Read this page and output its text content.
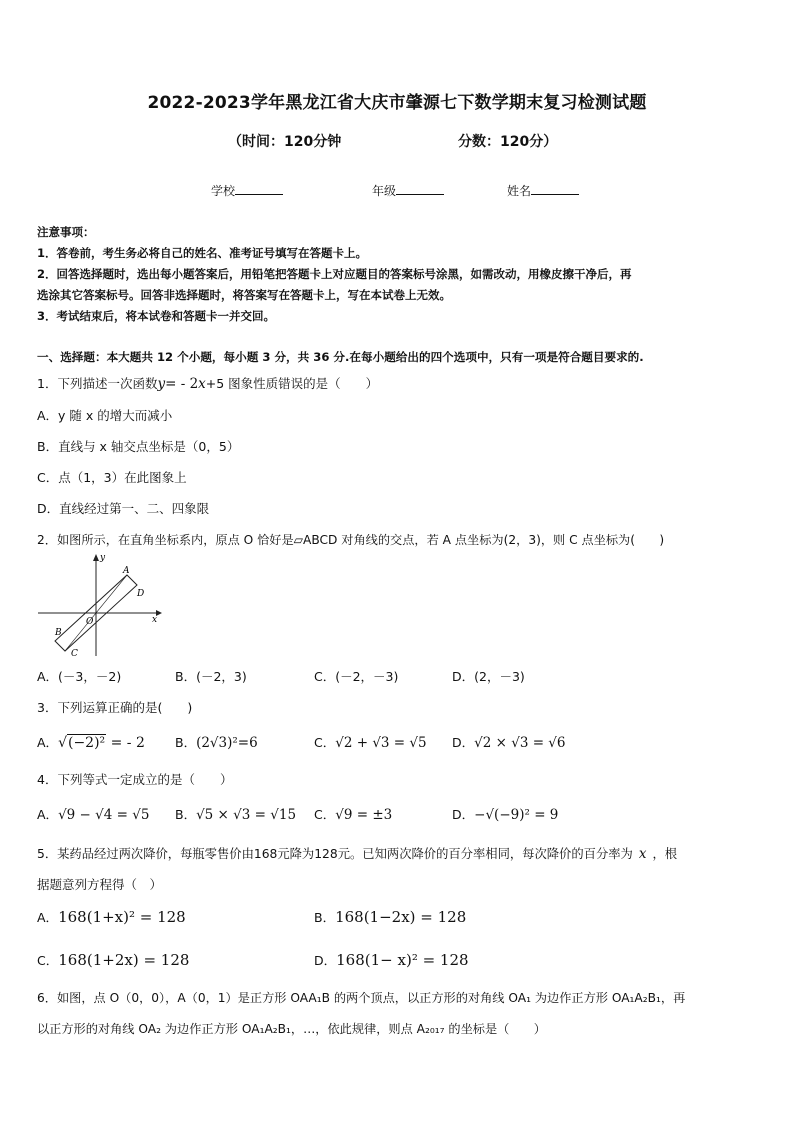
2022-2023学年黑龙江省大庆市肇源七下数学期末复习检测试题
（时间：120分钟	分数：120分）
学校	年级	姓名
注意事项：
1．答卷前，考生务必将自己的姓名、准考证号填写在答题卡上。
2．回答选择题时，选出每小题答案后，用铅笔把答题卡上对应题目的答案标号涂黑，如需改动，用橡皮擦干净后，再
选涂其它答案标号。回答非选择题时，将答案写在答题卡上，写在本试卷上无效。
3．考试结束后，将本试卷和答题卡一并交回。
一、选择题：本大题共 12 个小题，每小题 3 分，共 36 分.在每小题给出的四个选项中，只有一项是符合题目要求的.
1．下列描述一次函数y= - 2x+5 图象性质错误的是（　　）
A．y 随 x 的增大而减小
B．直线与 x 轴交点坐标是（0，5）
C．点（1，3）在此图象上
D．直线经过第一、二、四象限
2．如图所示，在直角坐标系内，原点 O 恰好是▱ABCD 对角线的交点，若 A 点坐标为(2，3)，则 C 点坐标为(　　)
y
x
O
A
D
B
C
A．(－3，－2)	B．(－2，3)	C．(－2，－3)	D．(2，－3)
3．下列运算正确的是(　　)
A．√(−2)² = - 2 B．(2√3)²=6	C．√2 + √3 = √5 D．√2 × √3 = √6
4．下列等式一定成立的是（　　）
A．√9 − √4 = √5 B．√5 × √3 = √15 C．√9 = ±3	D．−√(−9)² = 9
5．某药品经过两次降价，每瓶零售价由168元降为128元。已知两次降价的百分率相同，每次降价的百分率为 x ，根
据题意列方程得（　）
A．168(1+x)² = 128	B．168(1−2x) = 128
C．168(1+2x) = 128	D．168(1− x)² = 128
6．如图，点 O（0，0），A（0，1）是正方形 OAA₁B 的两个顶点，以正方形的对角线 OA₁ 为边作正方形 OA₁A₂B₁，再
以正方形的对角线 OA₂ 为边作正方形 OA₁A₂B₁，…，依此规律，则点 A₂₀₁₇ 的坐标是（　　）
